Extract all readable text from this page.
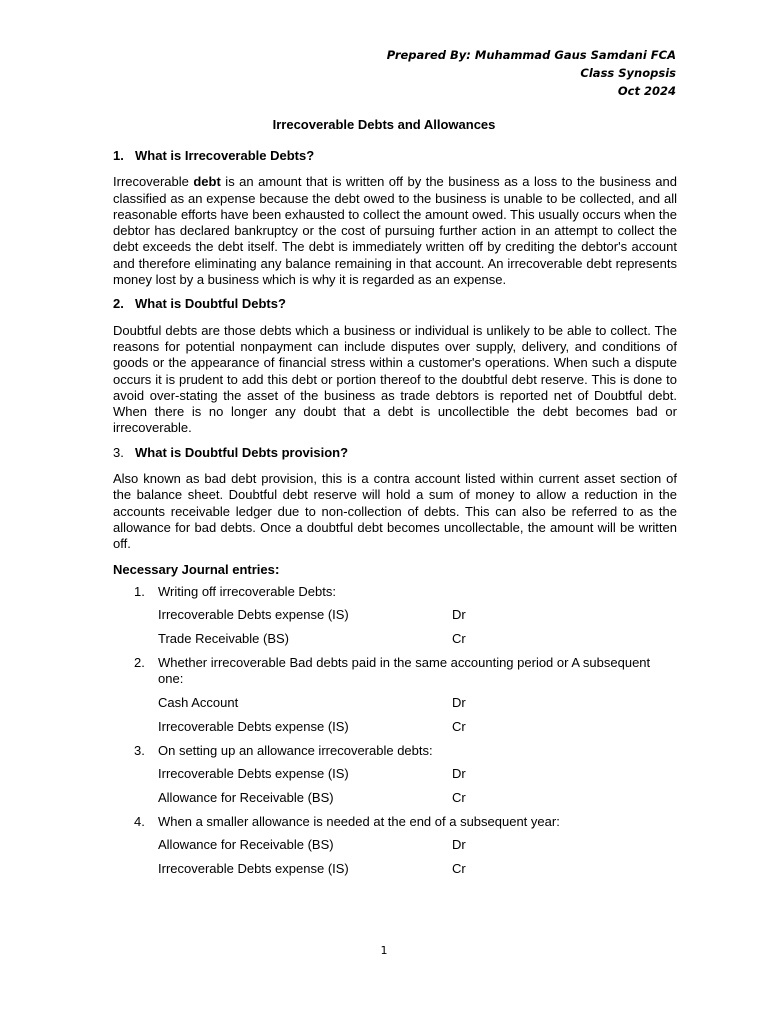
Prepared By: Muhammad Gaus Samdani FCA
Class Synopsis
Oct 2024
Irrecoverable Debts and Allowances
1. What is Irrecoverable Debts?

Irrecoverable debt is an amount that is written off by the business as a loss to the business and classified as an expense because the debt owed to the business is unable to be collected, and all reasonable efforts have been exhausted to collect the amount owed. This usually occurs when the debtor has declared bankruptcy or the cost of pursuing further action in an attempt to collect the debt exceeds the debt itself. The debt is immediately written off by crediting the debtor's account and therefore eliminating any balance remaining in that account. An irrecoverable debt represents money lost by a business which is why it is regarded as an expense.

2. What is Doubtful Debts?

Doubtful debts are those debts which a business or individual is unlikely to be able to collect. The reasons for potential nonpayment can include disputes over supply, delivery, and conditions of goods or the appearance of financial stress within a customer's operations. When such a dispute occurs it is prudent to add this debt or portion thereof to the doubtful debt reserve. This is done to avoid over-stating the asset of the business as trade debtors is reported net of Doubtful debt. When there is no longer any doubt that a debt is uncollectible the debt becomes bad or irrecoverable.

3. What is Doubtful Debts provision?

Also known as bad debt provision, this is a contra account listed within current asset section of the balance sheet. Doubtful debt reserve will hold a sum of money to allow a reduction in the accounts receivable ledger due to non-collection of debts. This can also be referred to as the allowance for bad debts. Once a doubtful debt becomes uncollectable, the amount will be written off.

Necessary Journal entries:
1. Writing off irrecoverable Debts:
Irrecoverable Debts expense (IS)	Dr
Trade Receivable (BS)	Cr
2. Whether irrecoverable Bad debts paid in the same accounting period or A subsequent one:
Cash Account	Dr
Irrecoverable Debts expense (IS)	Cr
3. On setting up an allowance irrecoverable debts:
Irrecoverable Debts expense (IS)	Dr
Allowance for Receivable (BS)	Cr
4. When a smaller allowance is needed at the end of a subsequent year:
Allowance for Receivable (BS)	Dr
Irrecoverable Debts expense (IS)	Cr
1
